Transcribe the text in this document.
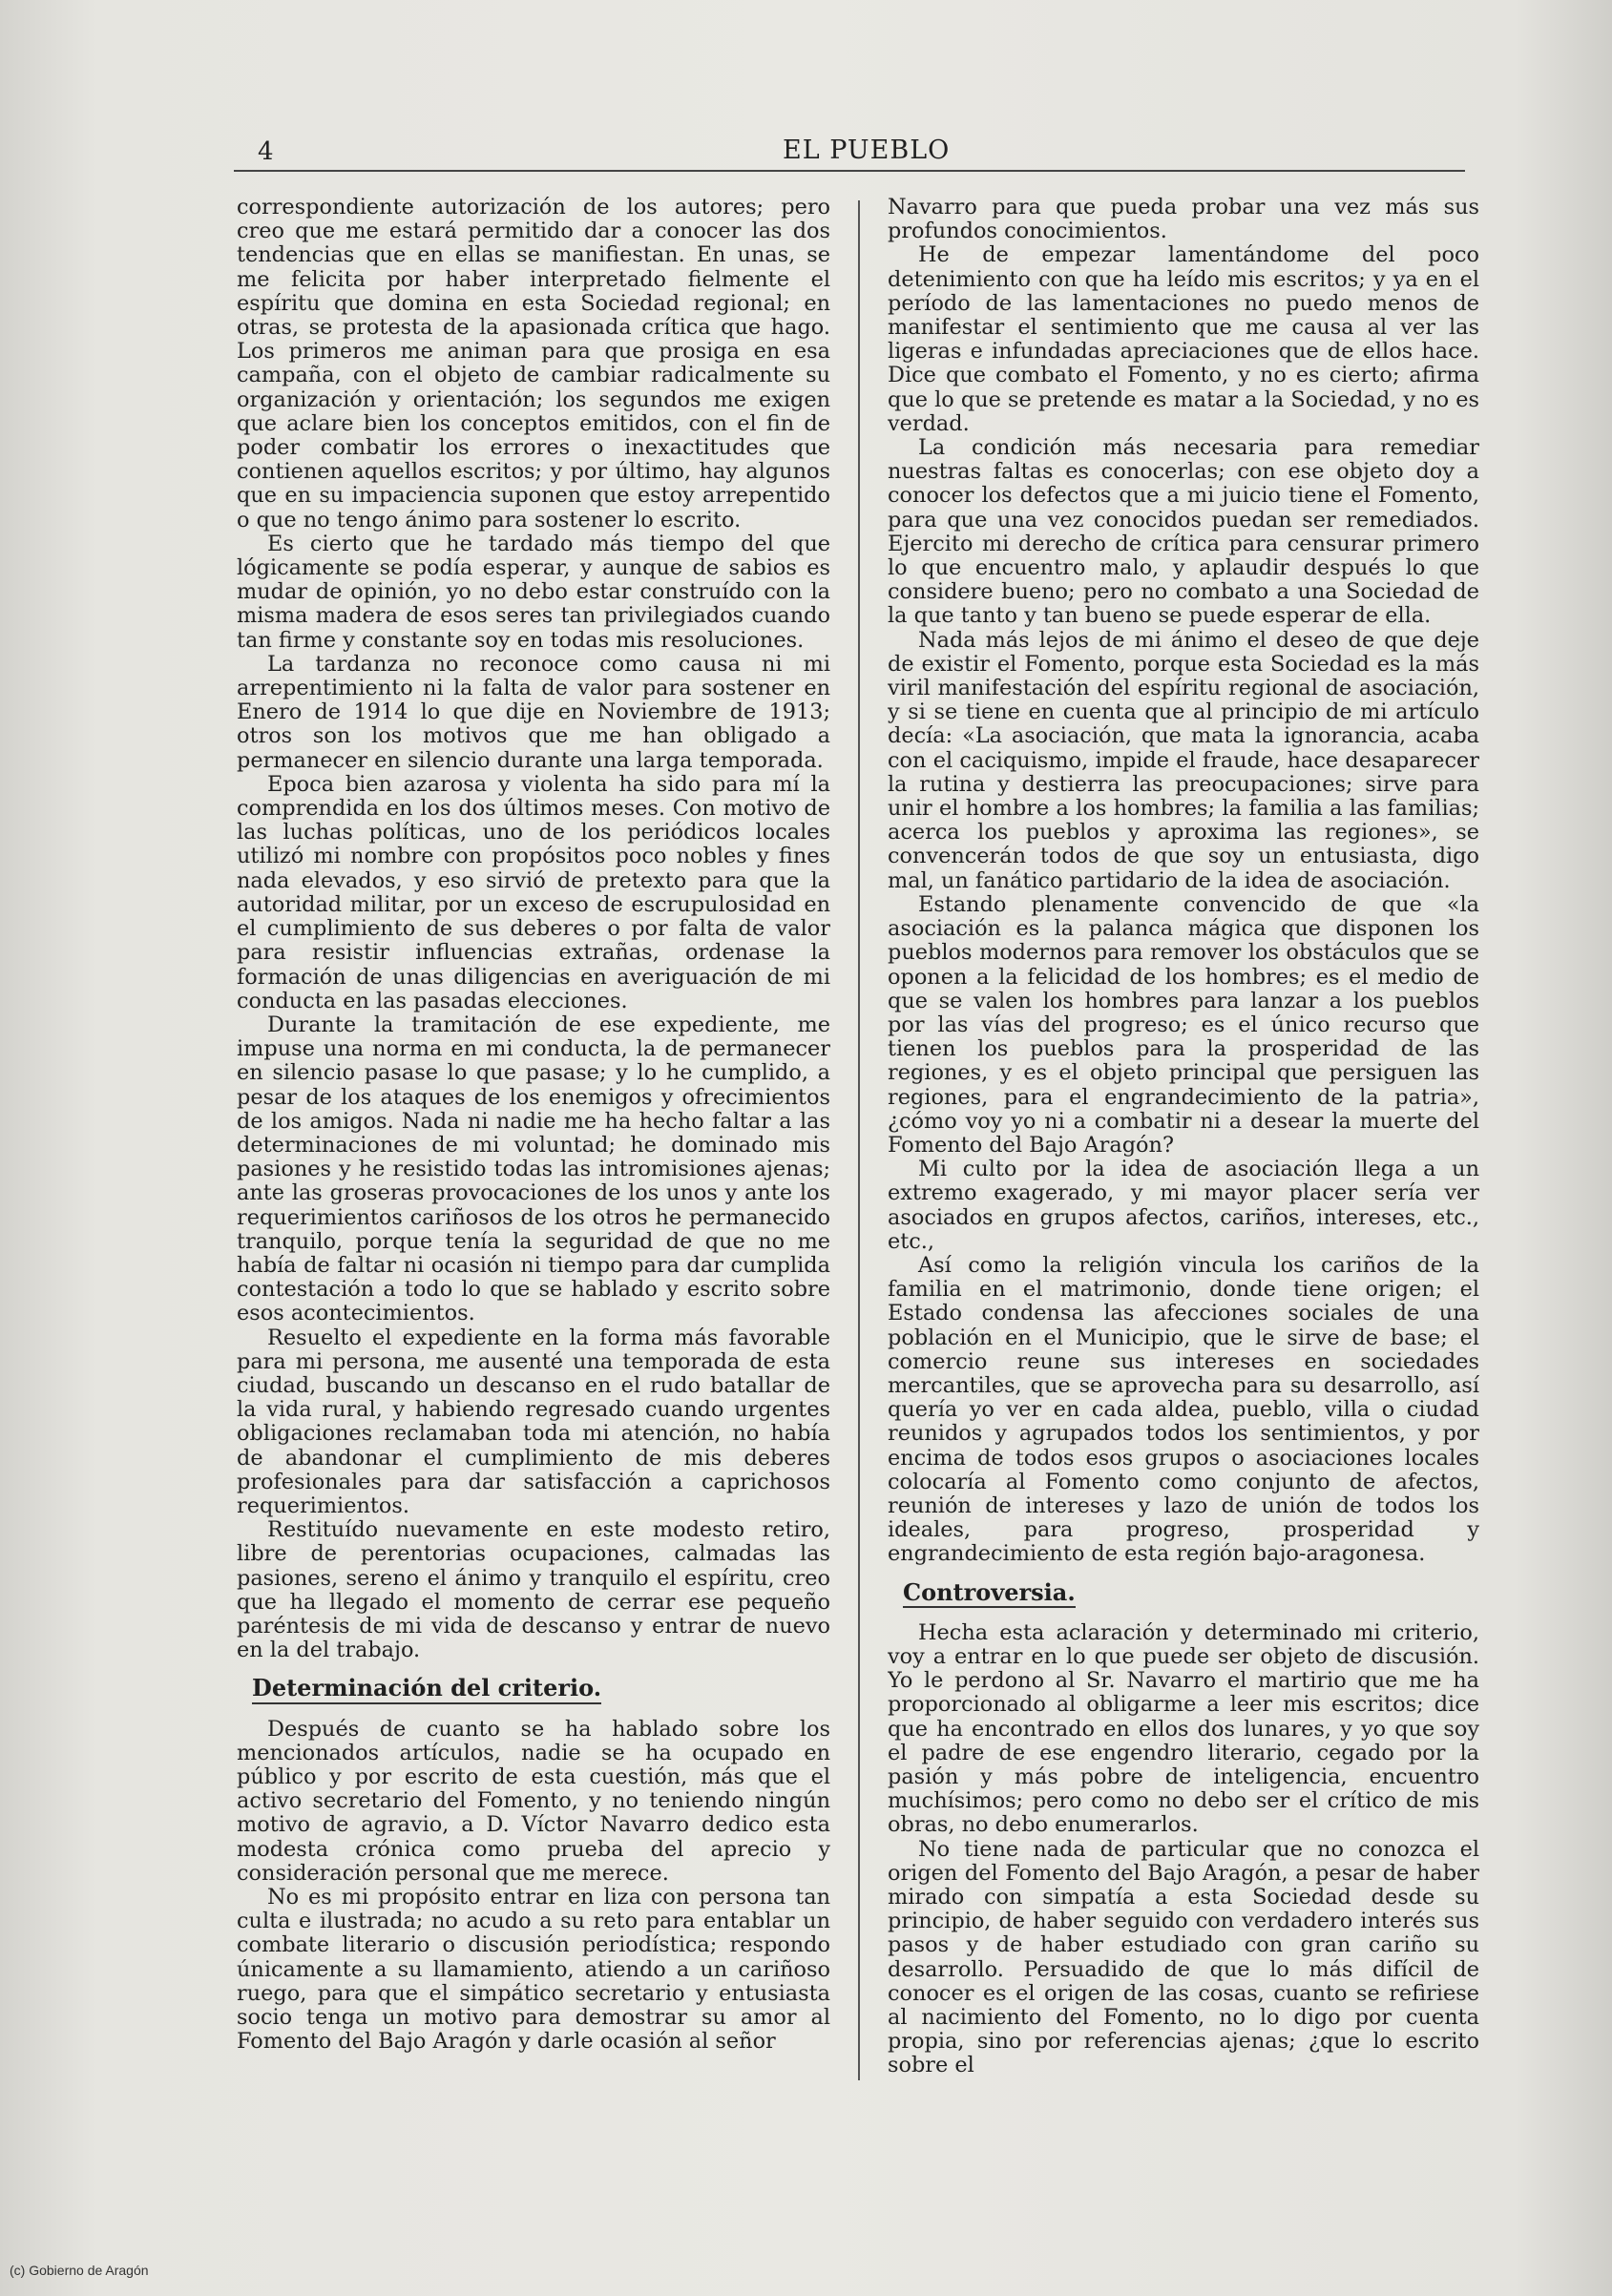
4	EL PUEBLO

correspondiente autorización de los autores; pero creo que me estará permitido dar a conocer las dos tendencias que en ellas se manifiestan. En unas, se me felicita por haber interpretado fielmente el espíritu que domina en esta Sociedad regional; en otras, se protesta de la apasionada crítica que hago. Los primeros me animan para que prosiga en esa campaña, con el objeto de cambiar radicalmente su organización y orientación; los segundos me exigen que aclare bien los conceptos emitidos, con el fin de poder combatir los errores o inexactitudes que contienen aquellos escritos; y por último, hay algunos que en su impaciencia suponen que estoy arrepentido o que no tengo ánimo para sostener lo escrito.

Es cierto que he tardado más tiempo del que lógicamente se podía esperar, y aunque de sabios es mudar de opinión, yo no debo estar construído con la misma madera de esos seres tan privilegiados cuando tan firme y constante soy en todas mis resoluciones.

La tardanza no reconoce como causa ni mi arrepentimiento ni la falta de valor para sostener en Enero de 1914 lo que dije en Noviembre de 1913; otros son los motivos que me han obligado a permanecer en silencio durante una larga temporada.

Epoca bien azarosa y violenta ha sido para mí la comprendida en los dos últimos meses. Con motivo de las luchas políticas, uno de los periódicos locales utilizó mi nombre con propósitos poco nobles y fines nada elevados, y eso sirvió de pretexto para que la autoridad militar, por un exceso de escrupulosidad en el cumplimiento de sus deberes o por falta de valor para resistir influencias extrañas, ordenase la formación de unas diligencias en averiguación de mi conducta en las pasadas elecciones.

Durante la tramitación de ese expediente, me impuse una norma en mi conducta, la de permanecer en silencio pasase lo que pasase; y lo he cumplido, a pesar de los ataques de los enemigos y ofrecimientos de los amigos. Nada ni nadie me ha hecho faltar a las determinaciones de mi voluntad; he dominado mis pasiones y he resistido todas las intromisiones ajenas; ante las groseras provocaciones de los unos y ante los requerimientos cariñosos de los otros he permanecido tranquilo, porque tenía la seguridad de que no me había de faltar ni ocasión ni tiempo para dar cumplida contestación a todo lo que se hablado y escrito sobre esos acontecimientos.

Resuelto el expediente en la forma más favorable para mi persona, me ausenté una temporada de esta ciudad, buscando un descanso en el rudo batallar de la vida rural, y habiendo regresado cuando urgentes obligaciones reclamaban toda mi atención, no había de abandonar el cumplimiento de mis deberes profesionales para dar satisfacción a caprichosos requerimientos.

Restituído nuevamente en este modesto retiro, libre de perentorias ocupaciones, calmadas las pasiones, sereno el ánimo y tranquilo el espíritu, creo que ha llegado el momento de cerrar ese pequeño paréntesis de mi vida de descanso y entrar de nuevo en la del trabajo.

Determinación del criterio.

Después de cuanto se ha hablado sobre los mencionados artículos, nadie se ha ocupado en público y por escrito de esta cuestión, más que el activo secretario del Fomento, y no teniendo ningún motivo de agravio, a D. Víctor Navarro dedico esta modesta crónica como prueba del aprecio y consideración personal que me merece.

No es mi propósito entrar en liza con persona tan culta e ilustrada; no acudo a su reto para entablar un combate literario o discusión periodística; respondo únicamente a su llamamiento, atiendo a un cariñoso ruego, para que el simpático secretario y entusiasta socio tenga un motivo para demostrar su amor al Fomento del Bajo Aragón y darle ocasión al señor

Navarro para que pueda probar una vez más sus profundos conocimientos.

He de empezar lamentándome del poco detenimiento con que ha leído mis escritos; y ya en el período de las lamentaciones no puedo menos de manifestar el sentimiento que me causa al ver las ligeras e infundadas apreciaciones que de ellos hace. Dice que combato el Fomento, y no es cierto; afirma que lo que se pretende es matar a la Sociedad, y no es verdad.

La condición más necesaria para remediar nuestras faltas es conocerlas; con ese objeto doy a conocer los defectos que a mi juicio tiene el Fomento, para que una vez conocidos puedan ser remediados. Ejercito mi derecho de crítica para censurar primero lo que encuentro malo, y aplaudir después lo que considere bueno; pero no combato a una Sociedad de la que tanto y tan bueno se puede esperar de ella.

Nada más lejos de mi ánimo el deseo de que deje de existir el Fomento, porque esta Sociedad es la más viril manifestación del espíritu regional de asociación, y si se tiene en cuenta que al principio de mi artículo decía: «La asociación, que mata la ignorancia, acaba con el caciquismo, impide el fraude, hace desaparecer la rutina y destierra las preocupaciones; sirve para unir el hombre a los hombres; la familia a las familias; acerca los pueblos y aproxima las regiones», se convencerán todos de que soy un entusiasta, digo mal, un fanático partidario de la idea de asociación.

Estando plenamente convencido de que «la asociación es la palanca mágica que disponen los pueblos modernos para remover los obstáculos que se oponen a la felicidad de los hombres; es el medio de que se valen los hombres para lanzar a los pueblos por las vías del progreso; es el único recurso que tienen los pueblos para la prosperidad de las regiones, y es el objeto principal que persiguen las regiones, para el engrandecimiento de la patria», ¿cómo voy yo ni a combatir ni a desear la muerte del Fomento del Bajo Aragón?

Mi culto por la idea de asociación llega a un extremo exagerado, y mi mayor placer sería ver asociados en grupos afectos, cariños, intereses, etc., etc.,

Así como la religión vincula los cariños de la familia en el matrimonio, donde tiene origen; el Estado condensa las afecciones sociales de una población en el Municipio, que le sirve de base; el comercio reune sus intereses en sociedades mercantiles, que se aprovecha para su desarrollo, así quería yo ver en cada aldea, pueblo, villa o ciudad reunidos y agrupados todos los sentimientos, y por encima de todos esos grupos o asociaciones locales colocaría al Fomento como conjunto de afectos, reunión de intereses y lazo de unión de todos los ideales, para progreso, prosperidad y engrandecimiento de esta región bajo-aragonesa.

Controversia.

Hecha esta aclaración y determinado mi criterio, voy a entrar en lo que puede ser objeto de discusión. Yo le perdono al Sr. Navarro el martirio que me ha proporcionado al obligarme a leer mis escritos; dice que ha encontrado en ellos dos lunares, y yo que soy el padre de ese engendro literario, cegado por la pasión y más pobre de inteligencia, encuentro muchísimos; pero como no debo ser el crítico de mis obras, no debo enumerarlos.

No tiene nada de particular que no conozca el origen del Fomento del Bajo Aragón, a pesar de haber mirado con simpatía a esta Sociedad desde su principio, de haber seguido con verdadero interés sus pasos y de haber estudiado con gran cariño su desarrollo. Persuadido de que lo más difícil de conocer es el origen de las cosas, cuanto se refiriese al nacimiento del Fomento, no lo digo por cuenta propia, sino por referencias ajenas; ¿que lo escrito sobre el

(c) Gobierno de Aragón
